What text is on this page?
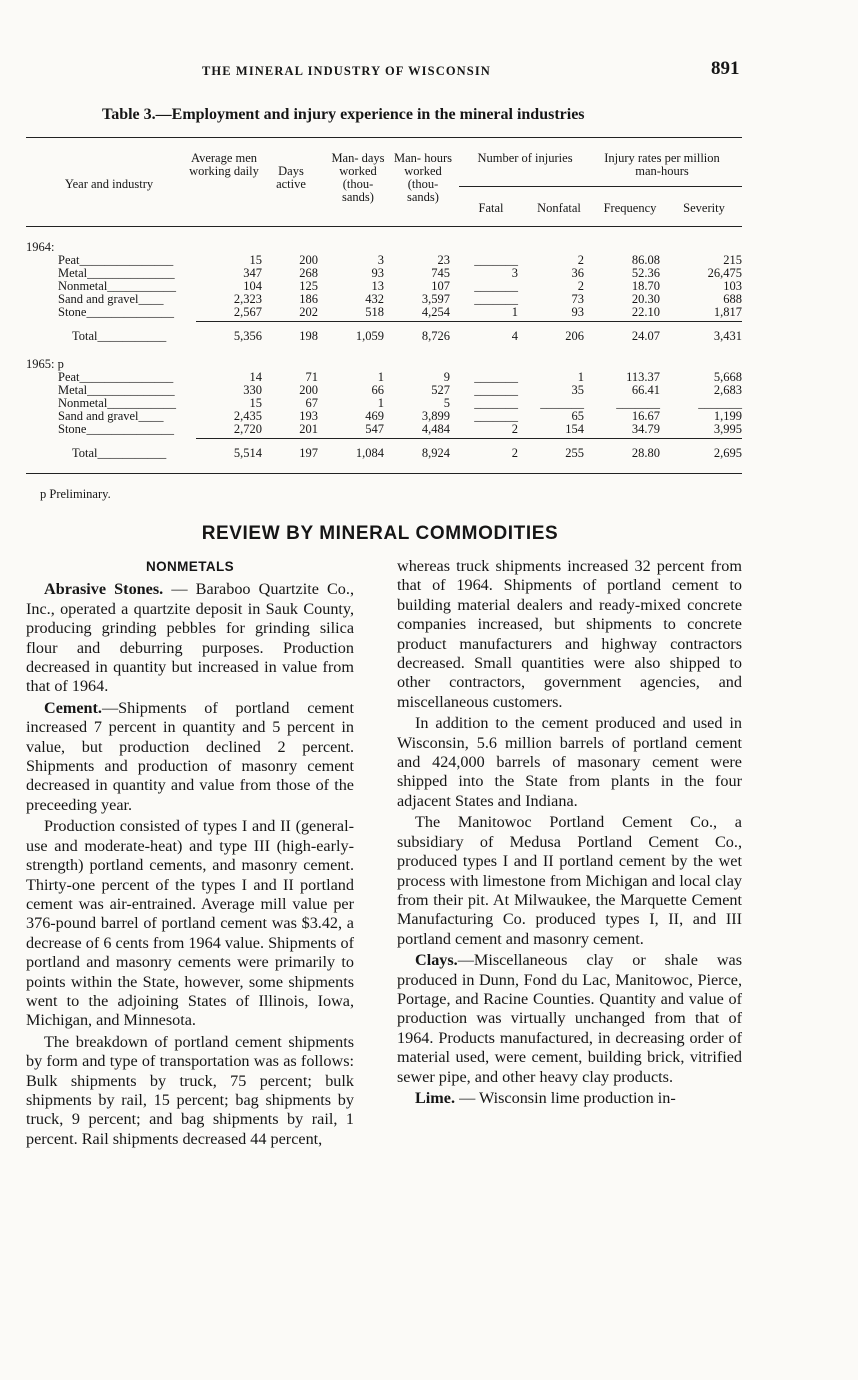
THE MINERAL INDUSTRY OF WISCONSIN	891
Table 3.—Employment and injury experience in the mineral industries
Year and industry
Average men working daily	Days active
Man- days worked (thou- sands)
Man- hours worked (thou- sands)
Number of injuries	Injury rates per million man-hours
Fatal	Nonfatal	Frequency	Severity
1964:
Peat_______________	15	200	3	23 _______	2	86.08	215
Metal______________	347	268	93	745	3	36	52.36	26,475
Nonmetal___________	104	125	13	107 _______	2	18.70	103
Sand and gravel____	2,323	186	432	3,597 _______	73	20.30	688
Stone______________	2,567	202	518	4,254	1	93	22.10	1,817
Total___________	5,356	198	1,059	8,726	4	206	24.07	3,431
1965: p
Peat_______________	14	71	1	9 _______	1	113.37	5,668
Metal______________	330	200	66	527 _______	35	66.41	2,683
Nonmetal___________	15	67	1	5 _______ _______	_______	_______
Sand and gravel____	2,435	193	469	3,899 _______	65	16.67	1,199
Stone______________	2,720	201	547	4,484	2	154	34.79	3,995
Total___________	5,514	197	1,084	8,924	2	255	28.80	2,695
p Preliminary.
REVIEW BY MINERAL COMMODITIES
NONMETALS

Abrasive Stones. — Baraboo Quartzite Co., Inc., operated a quartzite deposit in Sauk County, producing grinding pebbles for grinding silica flour and deburring purposes. Production decreased in quantity but increased in value from that of 1964.

Cement.—Shipments of portland cement increased 7 percent in quantity and 5 percent in value, but production declined 2 percent. Shipments and production of masonry cement decreased in quantity and value from those of the preceeding year.

Production consisted of types I and II (general-use and moderate-heat) and type III (high-early-strength) portland cements, and masonry cement. Thirty-one percent of the types I and II portland cement was air-entrained. Average mill value per 376-pound barrel of portland cement was $3.42, a decrease of 6 cents from 1964 value. Shipments of portland and masonry cements were primarily to points within the State, however, some shipments went to the adjoining States of Illinois, Iowa, Michigan, and Minnesota.

The breakdown of portland cement shipments by form and type of transportation was as follows: Bulk shipments by truck, 75 percent; bulk shipments by rail, 15 percent; bag shipments by truck, 9 percent; and bag shipments by rail, 1 percent. Rail shipments decreased 44 percent,

whereas truck shipments increased 32 percent from that of 1964. Shipments of portland cement to building material dealers and ready-mixed concrete companies increased, but shipments to concrete product manufacturers and highway contractors decreased. Small quantities were also shipped to other contractors, government agencies, and miscellaneous customers.

In addition to the cement produced and used in Wisconsin, 5.6 million barrels of portland cement and 424,000 barrels of masonary cement were shipped into the State from plants in the four adjacent States and Indiana.

The Manitowoc Portland Cement Co., a subsidiary of Medusa Portland Cement Co., produced types I and II portland cement by the wet process with limestone from Michigan and local clay from their pit. At Milwaukee, the Marquette Cement Manufacturing Co. produced types I, II, and III portland cement and masonry cement.

Clays.—Miscellaneous clay or shale was produced in Dunn, Fond du Lac, Manitowoc, Pierce, Portage, and Racine Counties. Quantity and value of production was virtually unchanged from that of 1964. Products manufactured, in decreasing order of material used, were cement, building brick, vitrified sewer pipe, and other heavy clay products.

Lime. — Wisconsin lime production in-
